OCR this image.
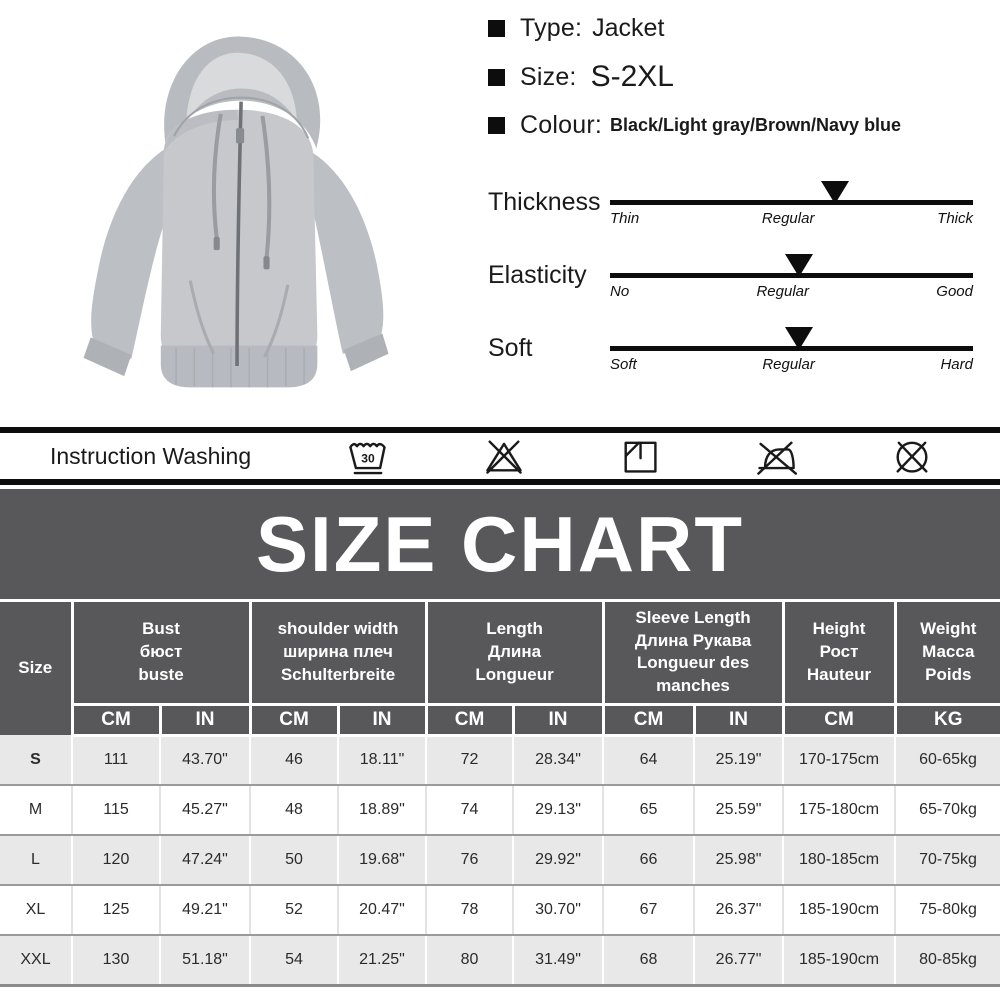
Type: Jacket
Size: S-2XL
Colour: Black/Light gray/Brown/Navy blue
Thickness
Thin	Regular	Thick
Elasticity
No	Regular	Good
Soft
Soft	Regular	Hard
Instruction Washing	30
SIZE CHART
Size	
Bust
бюст
buste

shoulder width
ширина плеч
Schulterbreite

Length
Длина
Longueur

Sleeve Length
Длина Рукава
Longueur des
manches

Height
Рост
Hauteur

Weight
Масса
Poids

	CM	IN	CM	IN	CM	IN	CM	IN	CM	KG
S	111	43.70"	46	18.11"	72	28.34"	64	25.19"	170-175cm	60-65kg
M	115	45.27"	48	18.89"	74	29.13"	65	25.59"	175-180cm	65-70kg
L	120	47.24"	50	19.68"	76	29.92"	66	25.98"	180-185cm	70-75kg
XL	125	49.21"	52	20.47"	78	30.70"	67	26.37"	185-190cm	75-80kg
XXL	130	51.18"	54	21.25"	80	31.49"	68	26.77"	185-190cm	80-85kg
